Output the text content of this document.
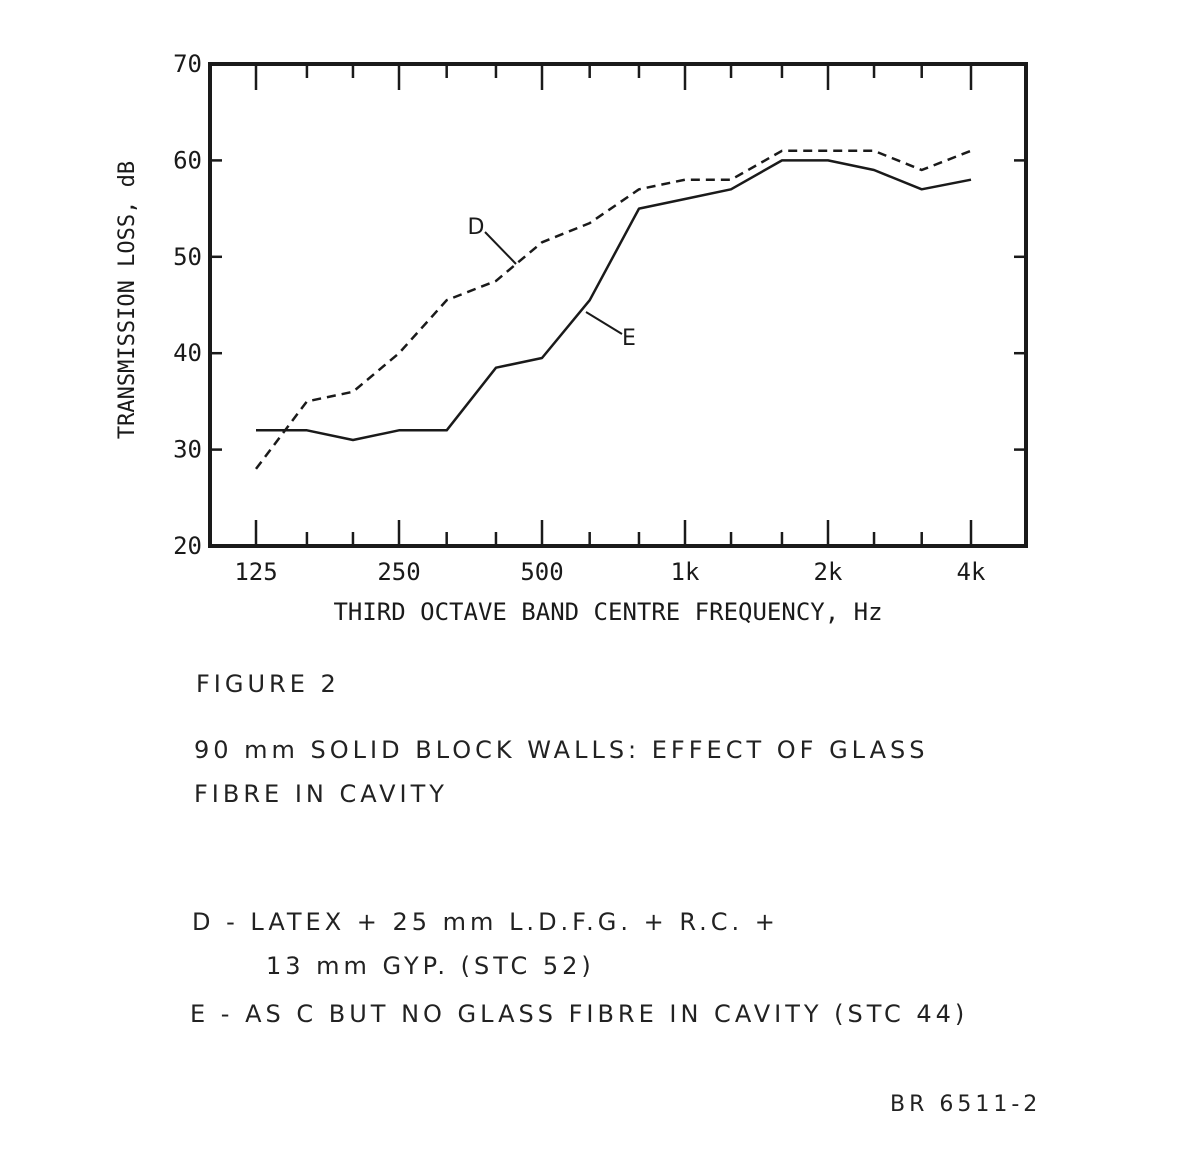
20
30
40
50
60
70
125	250	500	1k	2k	4k
D
E
THIRD OCTAVE BAND CENTRE FREQUENCY, Hz
TRANSMISSION LOSS, dB

FIGURE 2

90 mm SOLID BLOCK WALLS: EFFECT OF GLASS

FIBRE IN CAVITY

D - LATEX + 25 mm L.D.F.G. + R.C. +

13 mm GYP. (STC 52)

E - AS C BUT NO GLASS FIBRE IN CAVITY (STC 44)

BR 6511-2
